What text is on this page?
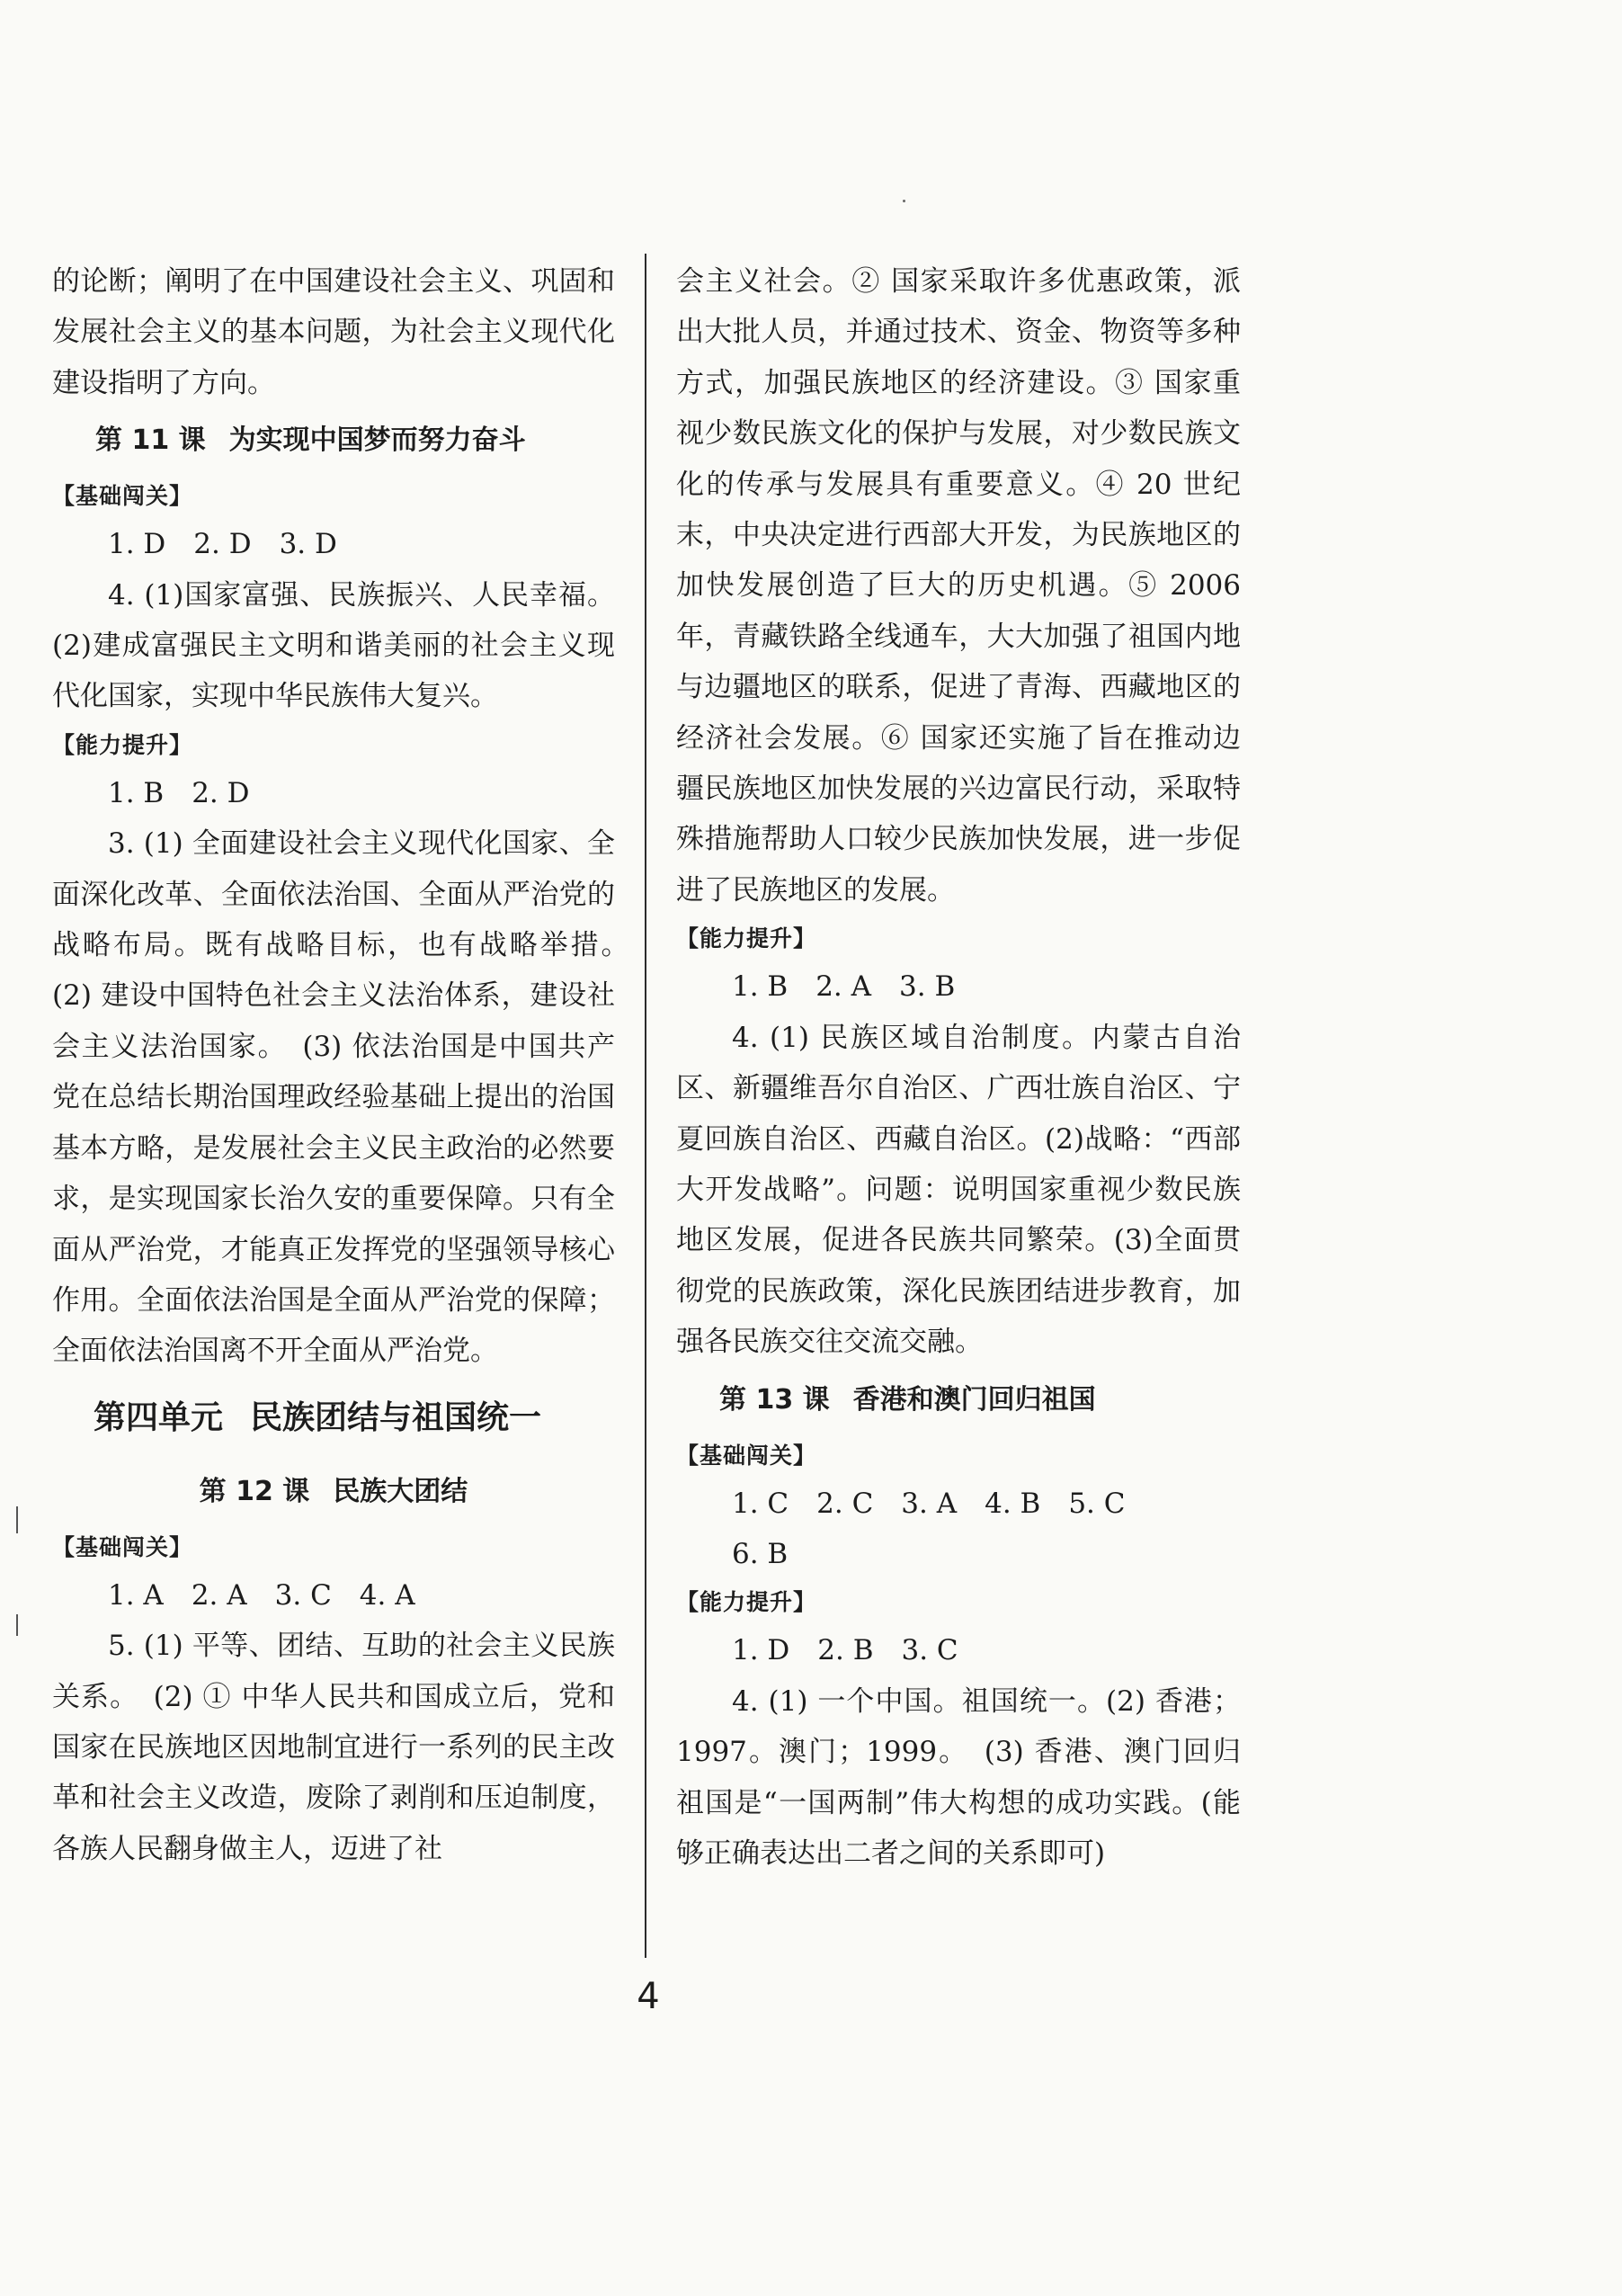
的论断；阐明了在中国建设社会主义、巩固和发展社会主义的基本问题，为社会主义现代化建设指明了方向。

第 11 课 为实现中国梦而努力奋斗
【基础闯关】

1. D　2. D　3. D

4. (1)国家富强、民族振兴、人民幸福。(2)建成富强民主文明和谐美丽的社会主义现代化国家，实现中华民族伟大复兴。

【能力提升】

1. B　2. D

3. (1) 全面建设社会主义现代化国家、全面深化改革、全面依法治国、全面从严治党的战略布局。既有战略目标，也有战略举措。　(2) 建设中国特色社会主义法治体系，建设社会主义法治国家。　(3) 依法治国是中国共产党在总结长期治国理政经验基础上提出的治国基本方略，是发展社会主义民主政治的必然要求，是实现国家长治久安的重要保障。只有全面从严治党，才能真正发挥党的坚强领导核心作用。全面依法治国是全面从严治党的保障；全面依法治国离不开全面从严治党。

第四单元 民族团结与祖国统一
第 12 课 民族大团结
【基础闯关】

1. A　2. A　3. C　4. A

5. (1) 平等、团结、互助的社会主义民族关系。　(2) ① 中华人民共和国成立后，党和国家在民族地区因地制宜进行一系列的民主改革和社会主义改造，废除了剥削和压迫制度，各族人民翻身做主人，迈进了社

会主义社会。② 国家采取许多优惠政策，派出大批人员，并通过技术、资金、物资等多种方式，加强民族地区的经济建设。③ 国家重视少数民族文化的保护与发展，对少数民族文化的传承与发展具有重要意义。④ 20 世纪末，中央决定进行西部大开发，为民族地区的加快发展创造了巨大的历史机遇。⑤ 2006 年，青藏铁路全线通车，大大加强了祖国内地与边疆地区的联系，促进了青海、西藏地区的经济社会发展。⑥ 国家还实施了旨在推动边疆民族地区加快发展的兴边富民行动，采取特殊措施帮助人口较少民族加快发展，进一步促进了民族地区的发展。

【能力提升】

1. B　2. A　3. B

4. (1) 民族区域自治制度。内蒙古自治区、新疆维吾尔自治区、广西壮族自治区、宁夏回族自治区、西藏自治区。(2)战略：“西部大开发战略”。问题：说明国家重视少数民族地区发展，促进各民族共同繁荣。(3)全面贯彻党的民族政策，深化民族团结进步教育，加强各民族交往交流交融。

第 13 课 香港和澳门回归祖国
【基础闯关】

1. C　2. C　3. A　4. B　5. C

6. B

【能力提升】

1. D　2. B　3. C

4. (1) 一个中国。祖国统一。(2) 香港；1997。澳门；1999。　(3) 香港、澳门回归祖国是“一国两制”伟大构想的成功实践。(能够正确表达出二者之间的关系即可)

4
